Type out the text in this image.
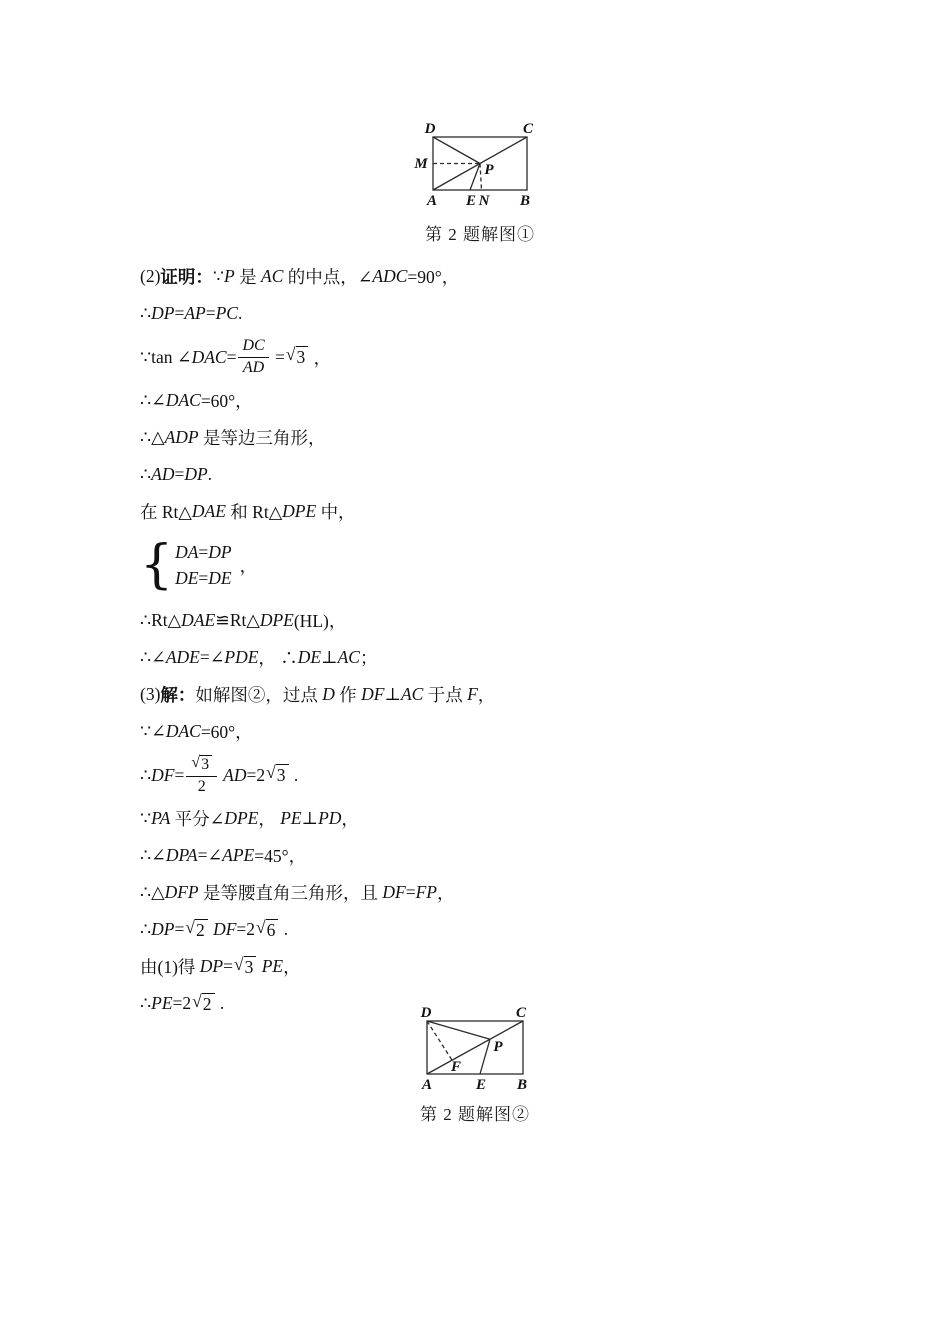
D	C
M	P
A E N B
第 2 题解图①
(2) 证明： ∵ P 是 AC 的中点，∠ ADC =90°，
∴ DP = AP = PC .
∵tan ∠ DAC = $\frac{DC}{AD}$ = √ 3 ，
∴∠ DAC =60°，
∴△ ADP 是等边三角形，
∴ AD = DP .
在 Rt△ DAE 和 Rt△ DPE 中，
{ DA=DP
DE=DE
，
∴Rt△ DAE ≌Rt△ DPE (HL)，
∴∠ ADE =∠ PDE ， ∴ DE ⊥ AC ；
(3) 解： 如解图②，过点 D 作 DF ⊥ AC 于点 F ，
∵∠ DAC =60°，
∴ DF = $\frac{√ 3}{2}$ AD =2 √ 3 .
∵ PA 平分∠ DPE ， PE ⊥ PD ，
∴∠ DPA =∠ APE =45°，
∴△ DFP 是等腰直角三角形，且 DF = FP ，
∴ DP = √ 2 DF =2 √ 6 .
由(1)得 DP = √ 3 PE ，
∴ PE =2 √ 2 .	D	C
P
F
A	E B
第 2 题解图②
